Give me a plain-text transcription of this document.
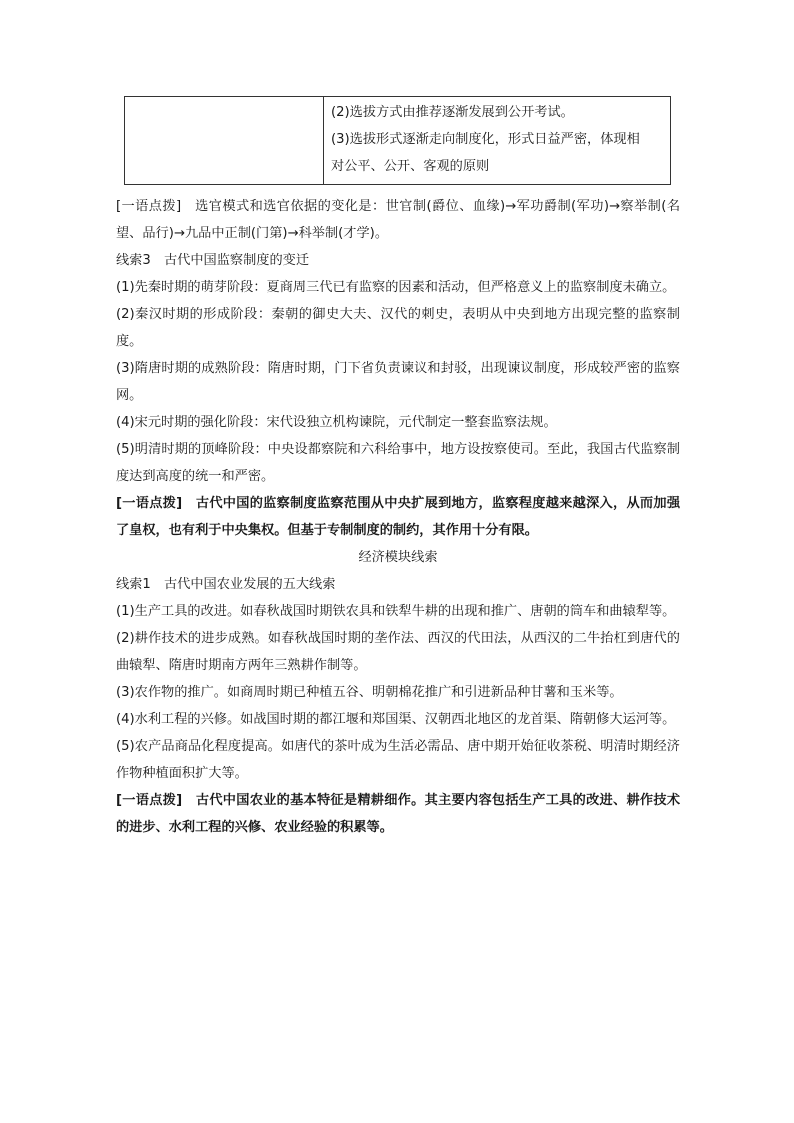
(2)选拔方式由推荐逐渐发展到公开考试。
(3)选拔形式逐渐走向制度化，形式日益严密，体现相
对公平、公开、客观的原则

[一语点拨]　选官模式和选官依据的变化是：世官制(爵位、血缘)→军功爵制(军功)→察举制(名望、品行)→九品中正制(门第)→科举制(才学)。

线索3　古代中国监察制度的变迁

(1)先秦时期的萌芽阶段：夏商周三代已有监察的因素和活动，但严格意义上的监察制度未确立。

(2)秦汉时期的形成阶段：秦朝的御史大夫、汉代的刺史，表明从中央到地方出现完整的监察制度。

(3)隋唐时期的成熟阶段：隋唐时期，门下省负责谏议和封驳，出现谏议制度，形成较严密的监察网。

(4)宋元时期的强化阶段：宋代设独立机构谏院，元代制定一整套监察法规。

(5)明清时期的顶峰阶段：中央设都察院和六科给事中，地方设按察使司。至此，我国古代监察制度达到高度的统一和严密。

[一语点拨]　古代中国的监察制度监察范围从中央扩展到地方，监察程度越来越深入，从而加强了皇权，也有利于中央集权。但基于专制制度的制约，其作用十分有限。

经济模块线索

线索1　古代中国农业发展的五大线索

(1)生产工具的改进。如春秋战国时期铁农具和铁犁牛耕的出现和推广、唐朝的筒车和曲辕犁等。

(2)耕作技术的进步成熟。如春秋战国时期的垄作法、西汉的代田法，从西汉的二牛抬杠到唐代的曲辕犁、隋唐时期南方两年三熟耕作制等。

(3)农作物的推广。如商周时期已种植五谷、明朝棉花推广和引进新品种甘薯和玉米等。

(4)水利工程的兴修。如战国时期的都江堰和郑国渠、汉朝西北地区的龙首渠、隋朝修大运河等。

(5)农产品商品化程度提高。如唐代的茶叶成为生活必需品、唐中期开始征收茶税、明清时期经济作物种植面积扩大等。

[一语点拨]　古代中国农业的基本特征是精耕细作。其主要内容包括生产工具的改进、耕作技术的进步、水利工程的兴修、农业经验的积累等。
